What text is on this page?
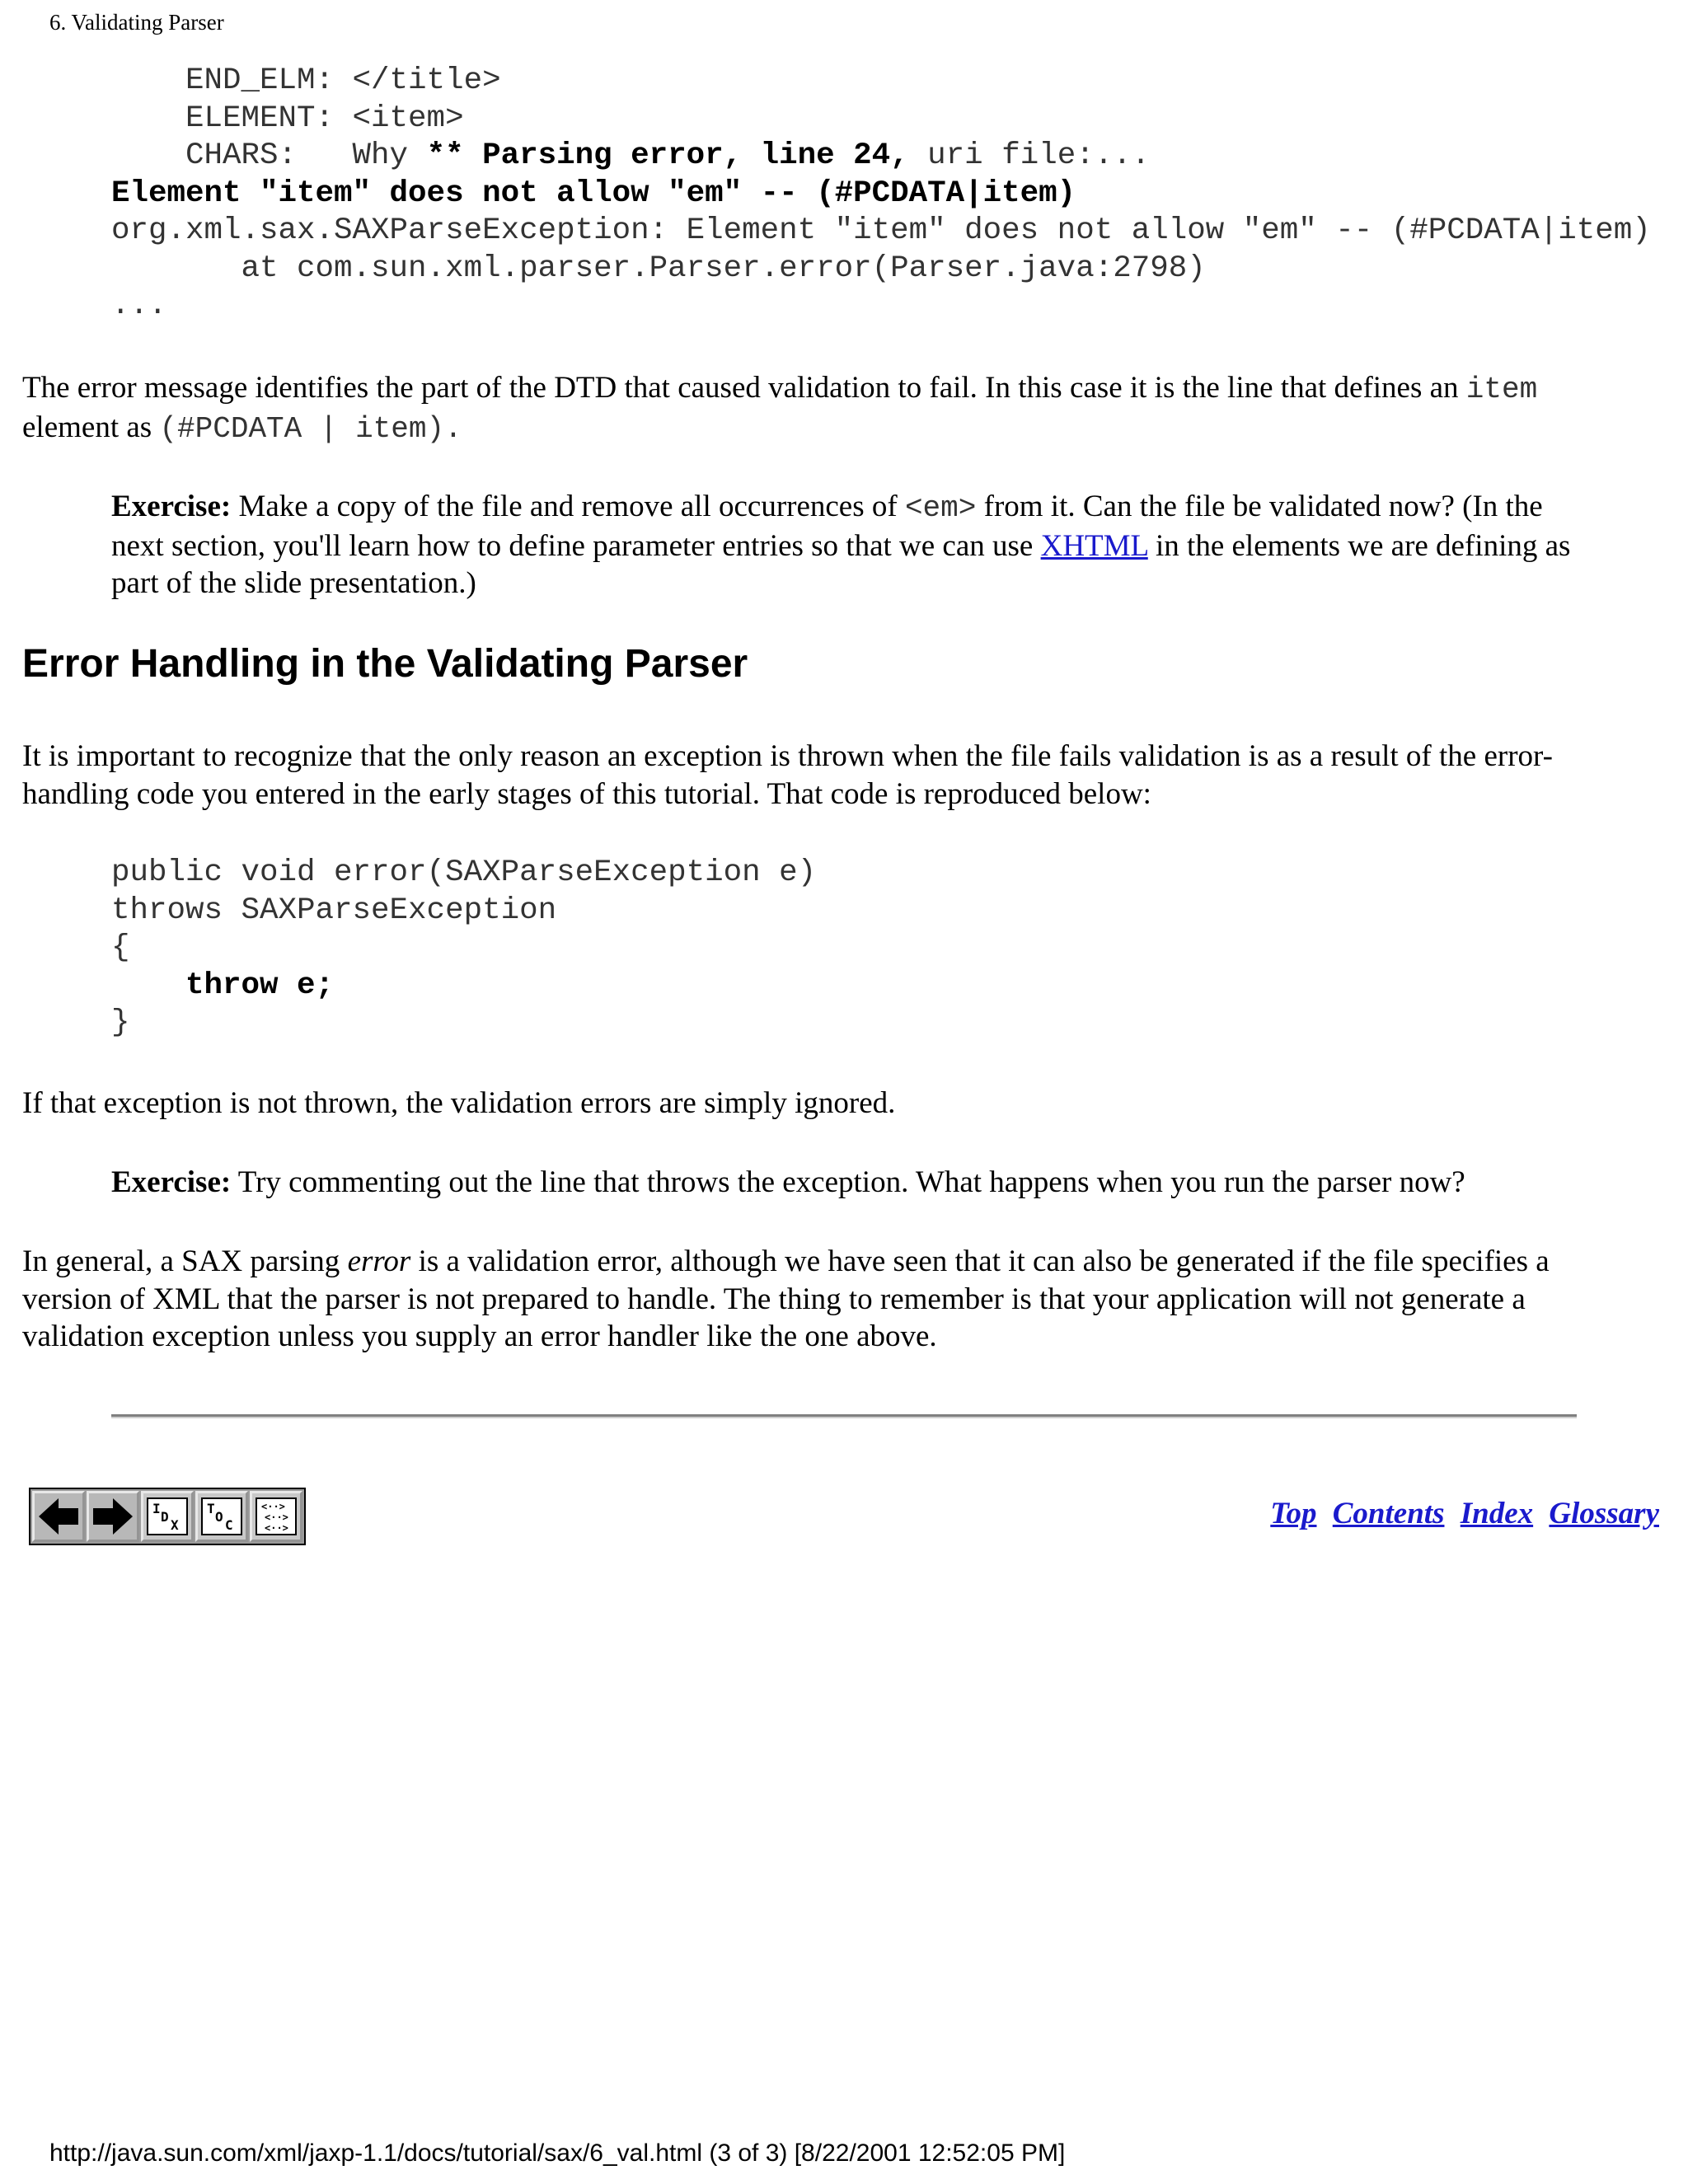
6. Validating Parser
END_ELM: </title>
ELEMENT: <item>
CHARS:   Why ** Parsing error, line 24, uri file:...
Element "item" does not allow "em" -- (#PCDATA|item)
org.xml.sax.SAXParseException: Element "item" does not allow "em" -- (#PCDATA|item)
at com.sun.xml.parser.Parser.error(Parser.java:2798)
...

The error message identifies the part of the DTD that caused validation to fail. In this case it is the line that defines an item element as (#PCDATA | item).

Exercise: Make a copy of the file and remove all occurrences of <em> from it. Can the file be validated now? (In the next section, you'll learn how to define parameter entries so that we can use XHTML in the elements we are defining as part of the slide presentation.)

Error Handling in the Validating Parser

It is important to recognize that the only reason an exception is thrown when the file fails validation is as a result of the error-handling code you entered in the early stages of this tutorial. That code is reproduced below:

public void error(SAXParseException e)
throws SAXParseException
{
throw e;
}

If that exception is not thrown, the validation errors are simply ignored.

Exercise: Try commenting out the line that throws the exception. What happens when you run the parser now?

In general, a SAX parsing error is a validation error, although we have seen that it can also be generated if the file specifies a version of XML that the parser is not prepared to handle. The thing to remember is that your application will not generate a validation exception unless you supply an error handler like the one above.

I
D
X
T
O
C
<··>
<··>
<··>	Top Contents Index Glossary
http://java.sun.com/xml/jaxp-1.1/docs/tutorial/sax/6_val.html (3 of 3) [8/22/2001 12:52:05 PM]
